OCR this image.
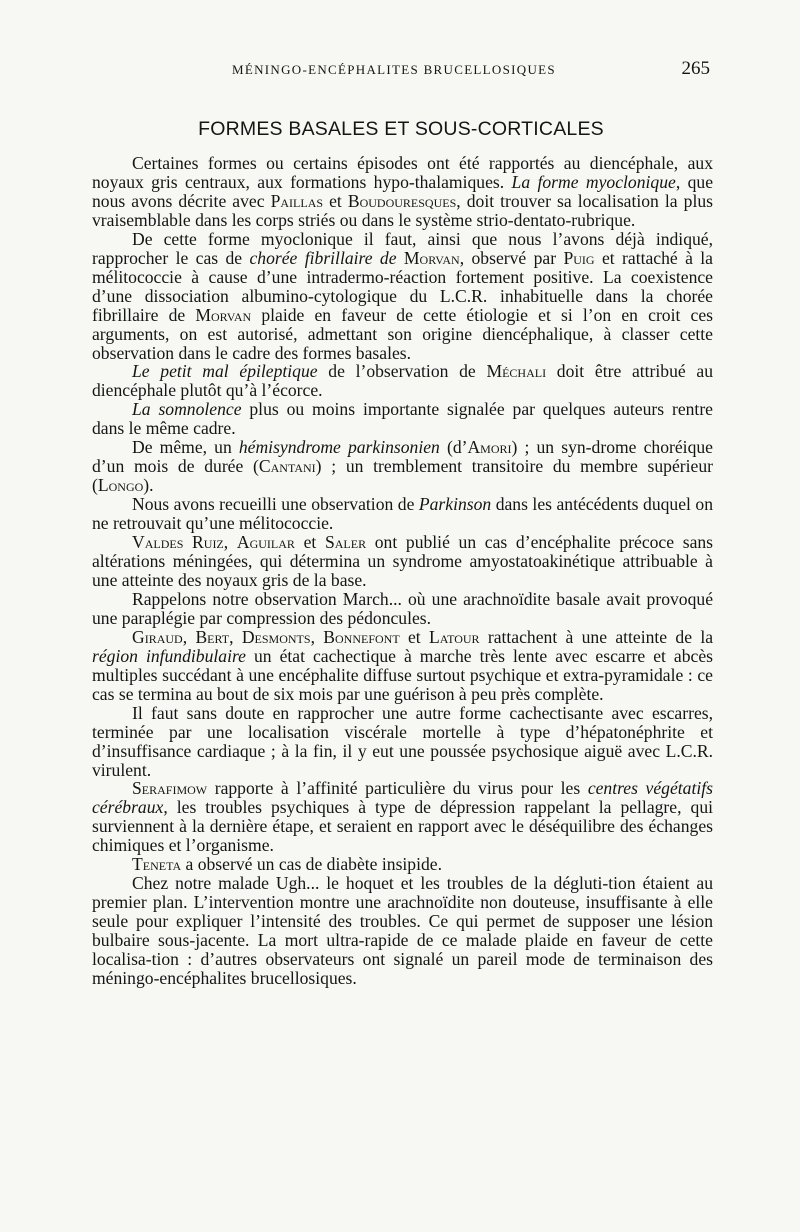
MÉNINGO-ENCÉPHALITES BRUCELLOSIQUES	265
FORMES BASALES ET SOUS-CORTICALES

Certaines formes ou certains épisodes ont été rapportés au diencéphale, aux noyaux gris centraux, aux formations hypo-thalamiques. La forme myoclonique, que nous avons décrite avec Paillas et Boudouresques, doit trouver sa localisation la plus vraisemblable dans les corps striés ou dans le système strio-dentato-rubrique.

De cette forme myoclonique il faut, ainsi que nous l’avons déjà indiqué, rapprocher le cas de chorée fibrillaire de Morvan, observé par Puig et rattaché à la mélitococcie à cause d’une intradermo-réaction fortement positive. La coexistence d’une dissociation albumino-cytologique du L.C.R. inhabituelle dans la chorée fibrillaire de Morvan plaide en faveur de cette étiologie et si l’on en croit ces arguments, on est autorisé, admettant son origine diencéphalique, à classer cette observation dans le cadre des formes basales.

Le petit mal épileptique de l’observation de Méchali doit être attribué au diencéphale plutôt qu’à l’écorce.

La somnolence plus ou moins importante signalée par quelques auteurs rentre dans le même cadre.

De même, un hémisyndrome parkinsonien (d’Amori) ; un syn-drome choréique d’un mois de durée (Cantani) ; un tremblement transitoire du membre supérieur (Longo).

Nous avons recueilli une observation de Parkinson dans les antécédents duquel on ne retrouvait qu’une mélitococcie.

Valdes Ruiz, Aguilar et Saler ont publié un cas d’encéphalite précoce sans altérations méningées, qui détermina un syndrome amyostatoakinétique attribuable à une atteinte des noyaux gris de la base.

Rappelons notre observation March... où une arachnoïdite basale avait provoqué une paraplégie par compression des pédoncules.

Giraud, Bert, Desmonts, Bonnefont et Latour rattachent à une atteinte de la région infundibulaire un état cachectique à marche très lente avec escarre et abcès multiples succédant à une encéphalite diffuse surtout psychique et extra-pyramidale : ce cas se termina au bout de six mois par une guérison à peu près complète.

Il faut sans doute en rapprocher une autre forme cachectisante avec escarres, terminée par une localisation viscérale mortelle à type d’hépatonéphrite et d’insuffisance cardiaque ; à la fin, il y eut une poussée psychosique aiguë avec L.C.R. virulent.

Serafimow rapporte à l’affinité particulière du virus pour les centres végétatifs cérébraux, les troubles psychiques à type de dépression rappelant la pellagre, qui surviennent à la dernière étape, et seraient en rapport avec le déséquilibre des échanges chimiques et l’organisme.

Teneta a observé un cas de diabète insipide.

Chez notre malade Ugh... le hoquet et les troubles de la dégluti-tion étaient au premier plan. L’intervention montre une arachnoïdite non douteuse, insuffisante à elle seule pour expliquer l’intensité des troubles. Ce qui permet de supposer une lésion bulbaire sous-jacente. La mort ultra-rapide de ce malade plaide en faveur de cette localisa-tion : d’autres observateurs ont signalé un pareil mode de terminaison des méningo-encéphalites brucellosiques.
